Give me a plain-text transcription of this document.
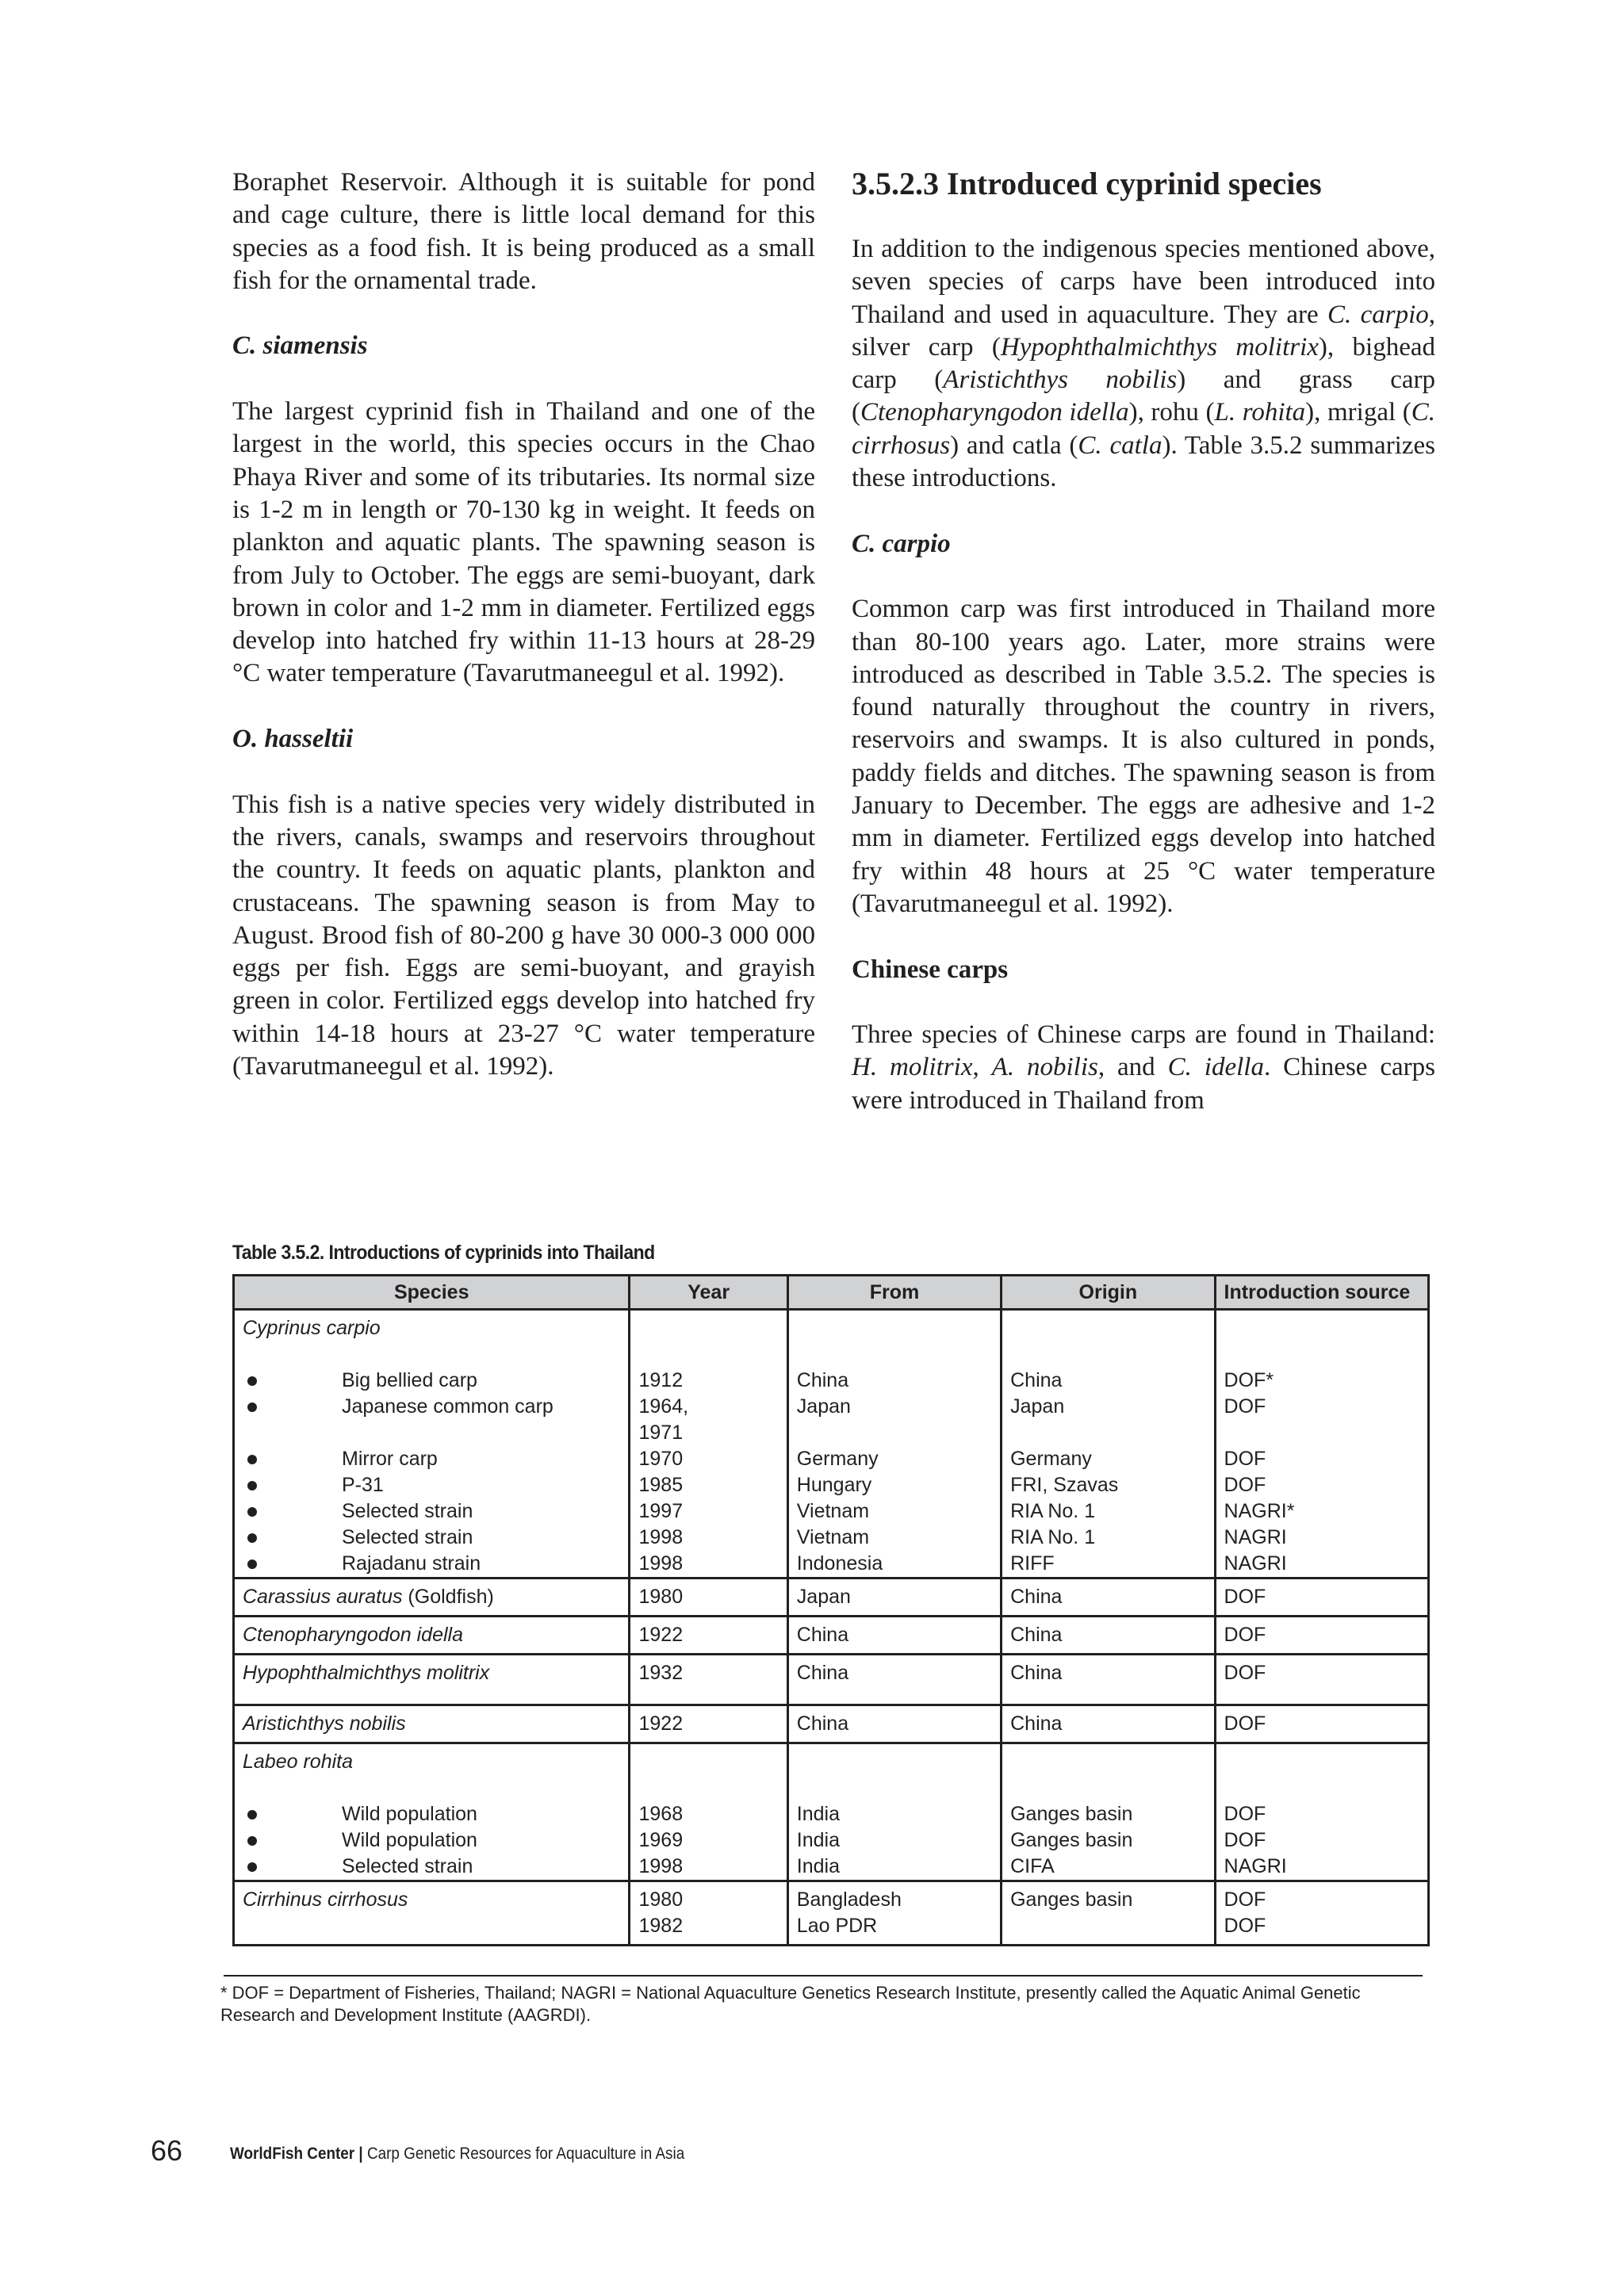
Boraphet Reservoir. Although it is suitable for pond and cage culture, there is little local demand for this species as a food fish. It is being produced as a small fish for the ornamental trade.

C. siamensis

The largest cyprinid fish in Thailand and one of the largest in the world, this species occurs in the Chao Phaya River and some of its tributaries. Its normal size is 1-2 m in length or 70-130 kg in weight. It feeds on plankton and aquatic plants. The spawning season is from July to October. The eggs are semi-buoyant, dark brown in color and 1-2 mm in diameter. Fertilized eggs develop into hatched fry within 11-13 hours at 28-29 °C water temperature (Tavarutmaneegul et al. 1992).

O. hasseltii

This fish is a native species very widely distributed in the rivers, canals, swamps and reservoirs throughout the country. It feeds on aquatic plants, plankton and crustaceans. The spawning season is from May to August. Brood fish of 80-200 g have 30 000-3 000 000 eggs per fish. Eggs are semi-buoyant, and grayish green in color. Fertilized eggs develop into hatched fry within 14-18 hours at 23-27 °C water temperature (Tavarutmaneegul et al. 1992).

3.5.2.3 Introduced cyprinid species

In addition to the indigenous species mentioned above, seven species of carps have been introduced into Thailand and used in aquaculture. They are C. carpio, silver carp (Hypophthalmichthys molitrix), bighead carp (Aristichthys nobilis) and grass carp (Ctenopharyngodon idella), rohu (L. rohita), mrigal (C. cirrhosus) and catla (C. catla). Table 3.5.2 summarizes these introductions.

C. carpio

Common carp was first introduced in Thailand more than 80-100 years ago. Later, more strains were introduced as described in Table 3.5.2. The species is found naturally throughout the country in rivers, reservoirs and swamps. It is also cultured in ponds, paddy fields and ditches. The spawning season is from January to December. The eggs are adhesive and 1-2 mm in diameter. Fertilized eggs develop into hatched fry within 48 hours at 25 °C water temperature (Tavarutmaneegul et al. 1992).

Chinese carps

Three species of Chinese carps are found in Thailand: H. molitrix, A. nobilis, and C. idella. Chinese carps were introduced in Thailand from

Table 3.5.2. Introductions of cyprinids into Thailand
Species	Year	From	Origin	Introduction source
Cyprinus carpio				

Big bellied carp	1912	China	China	DOF*
Japanese common carp	1964,	Japan	Japan	DOF
	1971			
Mirror carp	1970	Germany	Germany	DOF
P-31	1985	Hungary	FRI, Szavas	DOF
Selected strain	1997	Vietnam	RIA No. 1	NAGRI*
Selected strain	1998	Vietnam	RIA No. 1	NAGRI
Rajadanu strain	1998	Indonesia	RIFF	NAGRI
Carassius auratus (Goldfish)	1980	Japan	China	DOF
Ctenopharyngodon idella	1922	China	China	DOF
Hypophthalmichthys molitrix	1932	China	China	DOF
Aristichthys nobilis	1922	China	China	DOF
Labeo rohita				

Wild population	1968	India	Ganges basin	DOF
Wild population	1969	India	Ganges basin	DOF
Selected strain	1998	India	CIFA	NAGRI
Cirrhinus cirrhosus	1980	Bangladesh	Ganges basin	DOF
	1982	Lao PDR		DOF
* DOF = Department of Fisheries, Thailand; NAGRI = National Aquaculture Genetics Research Institute, presently called the Aquatic Animal Genetic Research and Development Institute (AAGRDI).
66	WorldFish Center | Carp Genetic Resources for Aquaculture in Asia
